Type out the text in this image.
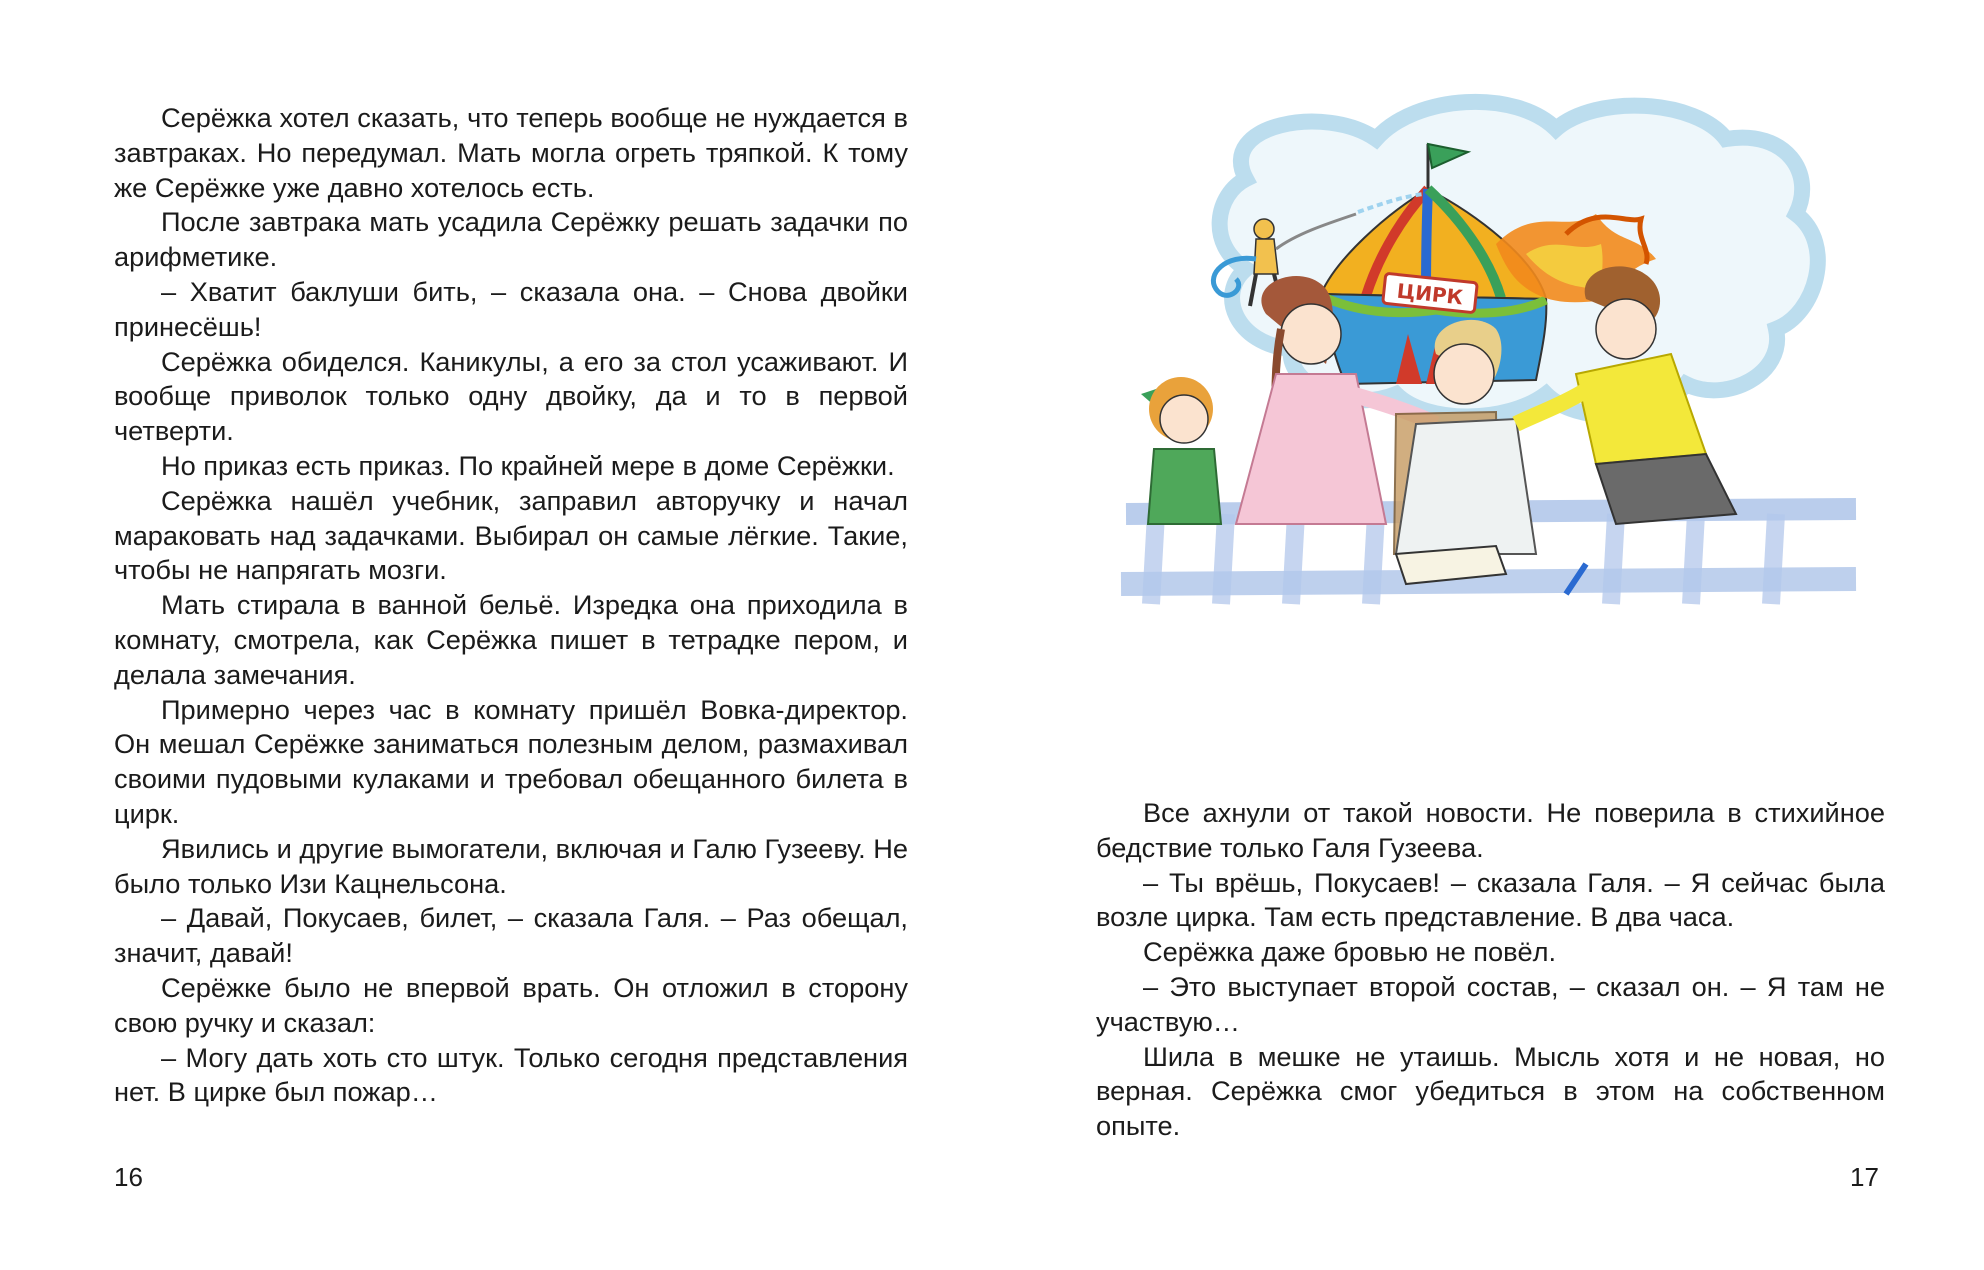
Серёжка хотел сказать, что теперь вообще не нуждается в завтраках. Но передумал. Мать могла огреть тряпкой. К тому же Серёжке уже давно хотелось есть.

После завтрака мать усадила Серёжку решать задачки по арифметике.

– Хватит баклуши бить, – сказала она. – Снова двойки принесёшь!

Серёжка обиделся. Каникулы, а его за стол усаживают. И вообще приволок только одну двойку, да и то в первой четверти.

Но приказ есть приказ. По крайней мере в доме Серёжки.

Серёжка нашёл учебник, заправил авторучку и начал мараковать над задачками. Выбирал он самые лёгкие. Такие, чтобы не напрягать мозги.

Мать стирала в ванной бельё. Изредка она приходила в комнату, смотрела, как Серёжка пишет в тетрадке пером, и делала замечания.

Примерно через час в комнату пришёл Вовка-директор. Он мешал Серёжке заниматься полезным делом, размахивал своими пудовыми кулаками и требовал обещанного билета в цирк.

Явились и другие вымогатели, включая и Галю Гузееву. Не было только Изи Кацнельсона.

– Давай, Покусаев, билет, – сказала Галя. – Раз обещал, значит, давай!

Серёжке было не впервой врать. Он отложил в сторону свою ручку и сказал:

– Могу дать хоть сто штук. Только сегодня представления нет. В цирке был пожар…

16
ЦИРК

Все ахнули от такой новости. Не поверила в стихийное бедствие только Галя Гузеева.

– Ты врёшь, Покусаев! – сказала Галя. – Я сейчас была возле цирка. Там есть представление. В два часа.

Серёжка даже бровью не повёл.

– Это выступает второй состав, – сказал он. – Я там не участвую…

Шила в мешке не утаишь. Мысль хотя и не новая, но верная. Серёжка смог убедиться в этом на собственном опыте.

17
